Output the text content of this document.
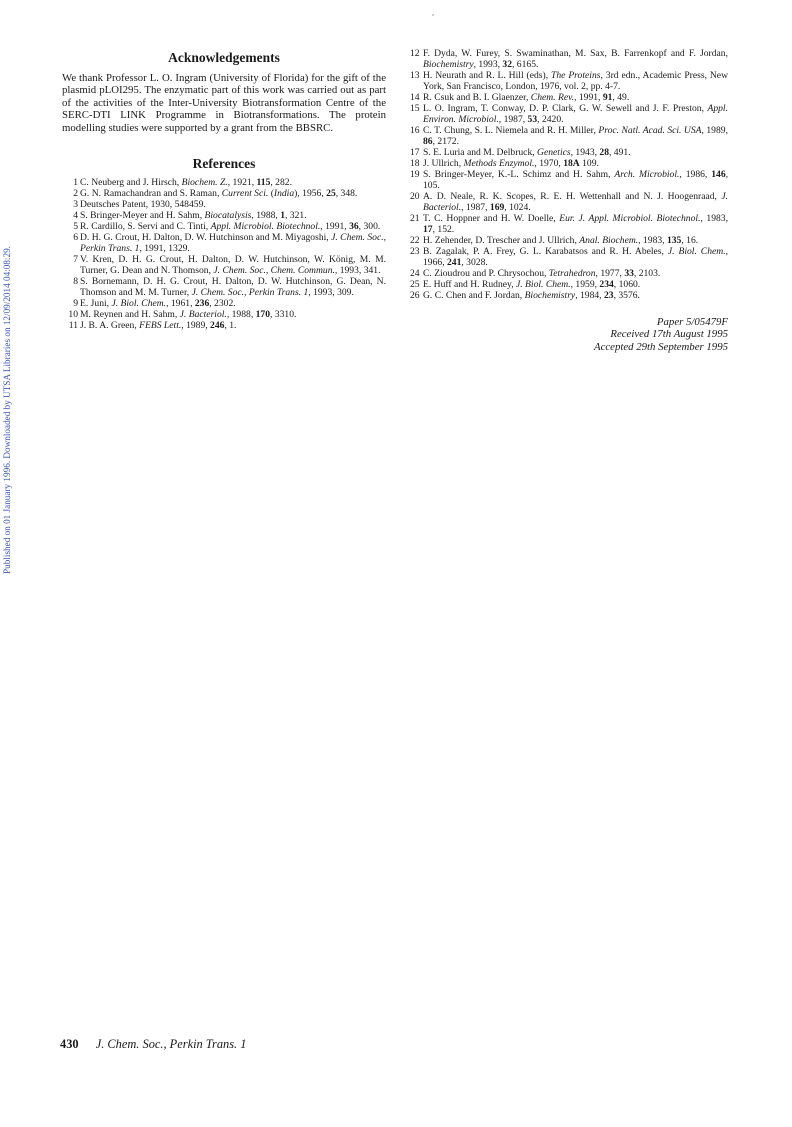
Published on 01 January 1996. Downloaded by UTSA Libraries on 12/09/2014 04:08:29.
Acknowledgements

We thank Professor L. O. Ingram (University of Florida) for the gift of the plasmid pLOI295. The enzymatic part of this work was carried out as part of the activities of the Inter-University Biotransformation Centre of the SERC-DTI LINK Programme in Biotransformations. The protein modelling studies were supported by a grant from the BBSRC.

References

1 C. Neuberg and J. Hirsch, Biochem. Z., 1921, 115, 282.

2 G. N. Ramachandran and S. Raman, Current Sci. (India), 1956, 25, 348.

3 Deutsches Patent, 1930, 548459.

4 S. Bringer-Meyer and H. Sahm, Biocatalysis, 1988, 1, 321.

5 R. Cardillo, S. Servi and C. Tinti, Appl. Microbiol. Biotechnol., 1991, 36, 300.

6 D. H. G. Crout, H. Dalton, D. W. Hutchinson and M. Miyagoshi, J. Chem. Soc., Perkin Trans. 1, 1991, 1329.

7 V. Kren, D. H. G. Crout, H. Dalton, D. W. Hutchinson, W. König, M. M. Turner, G. Dean and N. Thomson, J. Chem. Soc., Chem. Commun., 1993, 341.

8 S. Bornemann, D. H. G. Crout, H. Dalton, D. W. Hutchinson, G. Dean, N. Thomson and M. M. Turner, J. Chem. Soc., Perkin Trans. 1, 1993, 309.

9 E. Juni, J. Biol. Chem., 1961, 236, 2302.

10 M. Reynen and H. Sahm, J. Bacteriol., 1988, 170, 3310.

11 J. B. A. Green, FEBS Lett., 1989, 246, 1.

12 F. Dyda, W. Furey, S. Swaminathan, M. Sax, B. Farrenkopf and F. Jordan, Biochemistry, 1993, 32, 6165.

13 H. Neurath and R. L. Hill (eds), The Proteins, 3rd edn., Academic Press, New York, San Francisco, London, 1976, vol. 2, pp. 4-7.

14 R. Csuk and B. I. Glaenzer, Chem. Rev., 1991, 91, 49.

15 L. O. Ingram, T. Conway, D. P. Clark, G. W. Sewell and J. F. Preston, Appl. Environ. Microbiol., 1987, 53, 2420.

16 C. T. Chung, S. L. Niemela and R. H. Miller, Proc. Natl. Acad. Sci. USA, 1989, 86, 2172.

17 S. E. Luria and M. Delbruck, Genetics, 1943, 28, 491.

18 J. Ullrich, Methods Enzymol., 1970, 18A 109.

19 S. Bringer-Meyer, K.-L. Schimz and H. Sahm, Arch. Microbiol., 1986, 146, 105.

20 A. D. Neale, R. K. Scopes, R. E. H. Wettenhall and N. J. Hoogenraad, J. Bacteriol., 1987, 169, 1024.

21 T. C. Hoppner and H. W. Doelle, Eur. J. Appl. Microbiol. Biotechnol., 1983, 17, 152.

22 H. Zehender, D. Trescher and J. Ullrich, Anal. Biochem., 1983, 135, 16.

23 B. Zagalak, P. A. Frey, G. L. Karabatsos and R. H. Abeles, J. Biol. Chem., 1966, 241, 3028.

24 C. Zioudrou and P. Chrysochou, Tetrahedron, 1977, 33, 2103.

25 E. Huff and H. Rudney, J. Biol. Chem., 1959, 234, 1060.

26 G. C. Chen and F. Jordan, Biochemistry, 1984, 23, 3576.

Paper 5/05479F
Received 17th August 1995
Accepted 29th September 1995
430 J. Chem. Soc., Perkin Trans. 1
